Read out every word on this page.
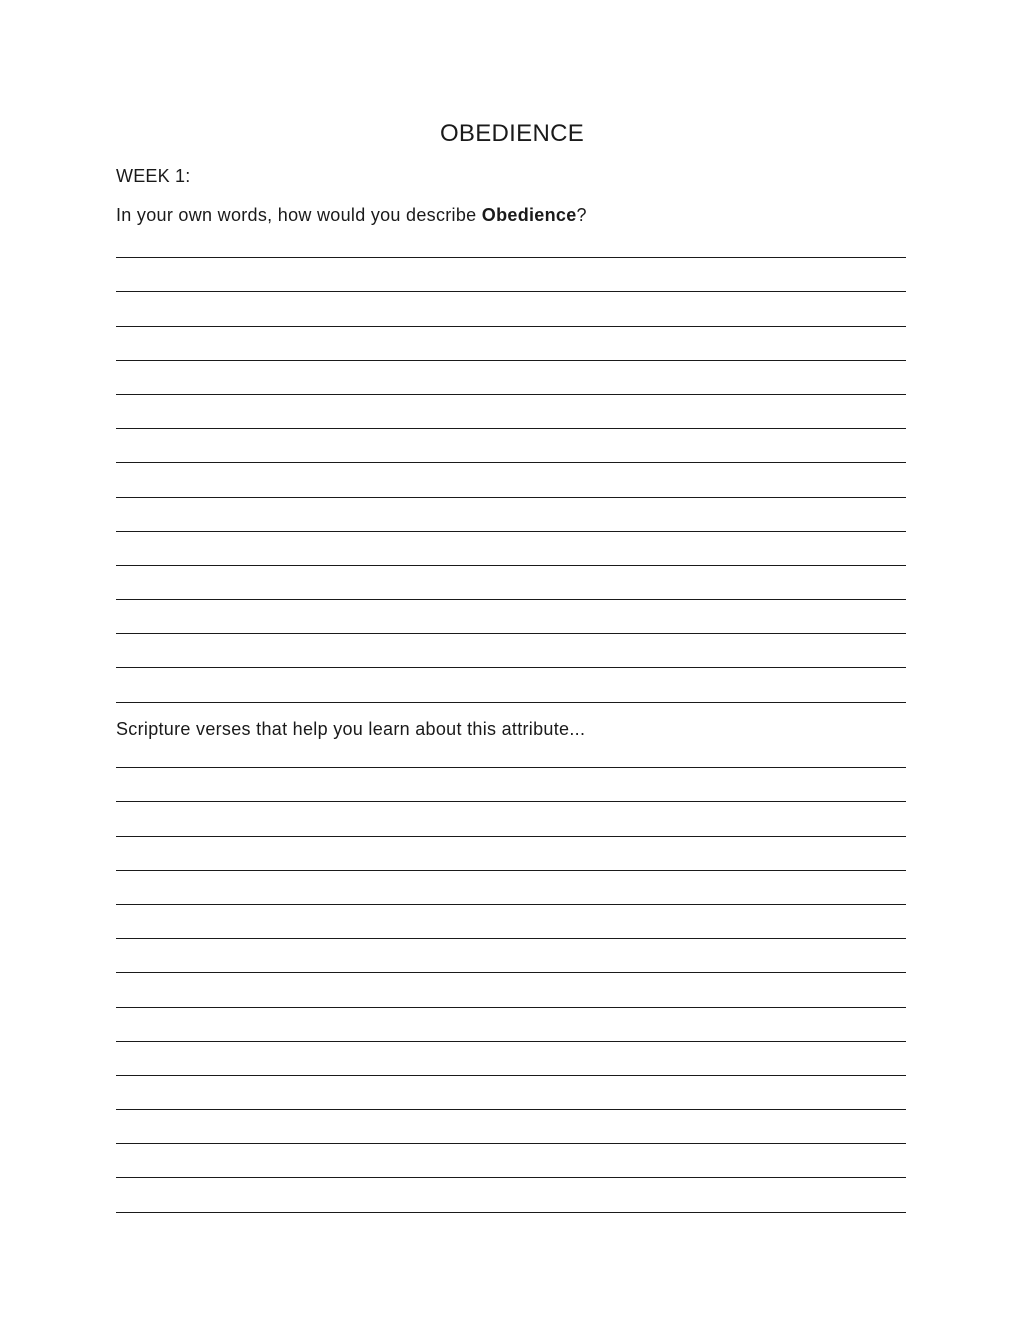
OBEDIENCE
WEEK 1:
In your own words, how would you describe Obedience?
Scripture verses that help you learn about this attribute...
